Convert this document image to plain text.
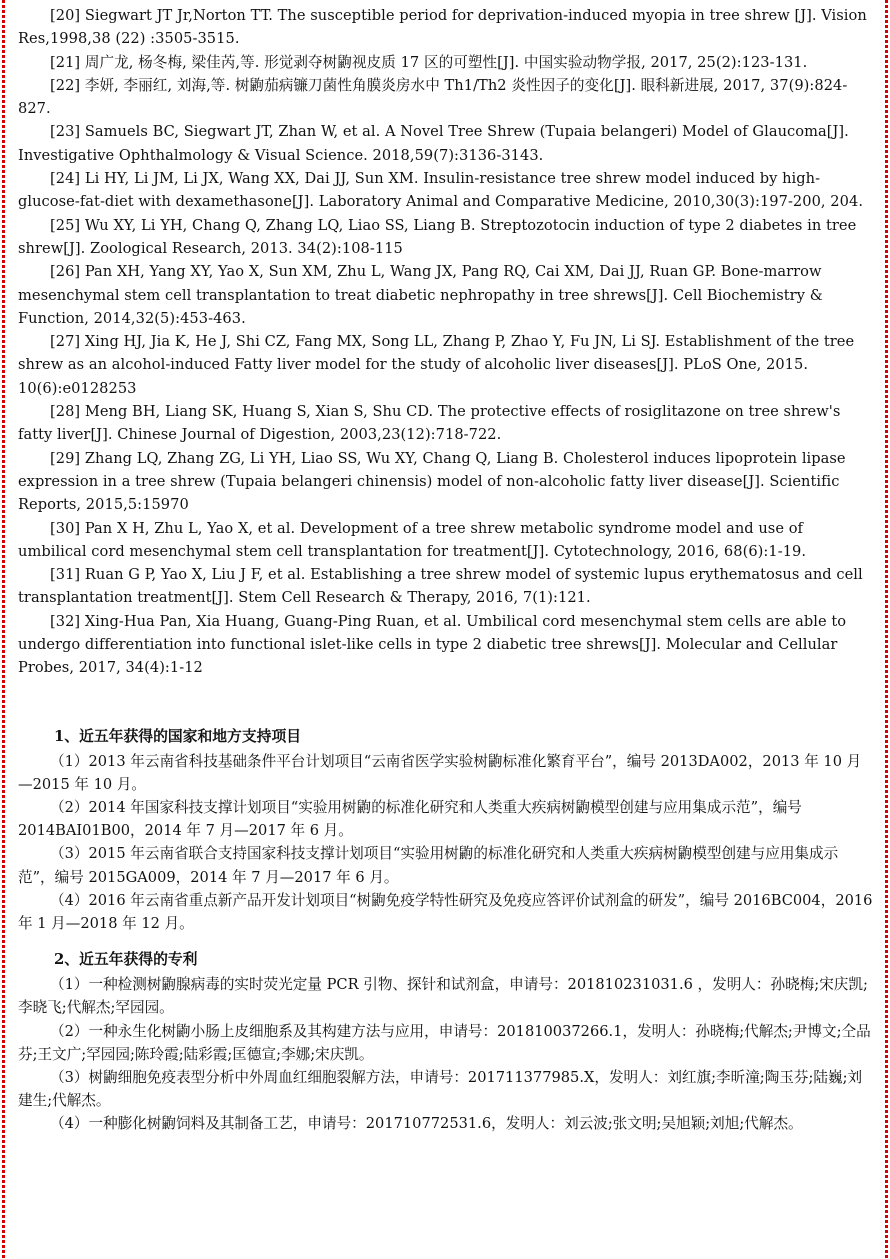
[20] Siegwart JT Jr,Norton TT. The susceptible period for deprivation-induced myopia in tree shrew [J]. Vision Res,1998,38 (22) :3505-3515.

[21] 周广龙, 杨冬梅, 梁佳芮,等. 形觉剥夺树鼩视皮质 17 区的可塑性[J]. 中国实验动物学报, 2017, 25(2):123-131.

[22] 李妍, 李丽红, 刘海,等. 树鼩茄病镰刀菌性角膜炎房水中 Th1/Th2 炎性因子的变化[J]. 眼科新进展, 2017, 37(9):824-827.

[23] Samuels BC, Siegwart JT, Zhan W, et al. A Novel Tree Shrew (Tupaia belangeri) Model of Glaucoma[J]. Investigative Ophthalmology & Visual Science. 2018,59(7):3136-3143.

[24] Li HY, Li JM, Li JX, Wang XX, Dai JJ, Sun XM. Insulin-resistance tree shrew model induced by high-glucose-fat-diet with dexamethasone[J]. Laboratory Animal and Comparative Medicine, 2010,30(3):197-200, 204.

[25] Wu XY, Li YH, Chang Q, Zhang LQ, Liao SS, Liang B. Streptozotocin induction of type 2 diabetes in tree shrew[J]. Zoological Research, 2013. 34(2):108-115

[26] Pan XH, Yang XY, Yao X, Sun XM, Zhu L, Wang JX, Pang RQ, Cai XM, Dai JJ, Ruan GP. Bone-marrow mesenchymal stem cell transplantation to treat diabetic nephropathy in tree shrews[J]. Cell Biochemistry & Function, 2014,32(5):453-463.

[27] Xing HJ, Jia K, He J, Shi CZ, Fang MX, Song LL, Zhang P, Zhao Y, Fu JN, Li SJ. Establishment of the tree shrew as an alcohol-induced Fatty liver model for the study of alcoholic liver diseases[J]. PLoS One, 2015. 10(6):e0128253

[28] Meng BH, Liang SK, Huang S, Xian S, Shu CD. The protective effects of rosiglitazone on tree shrew's fatty liver[J]. Chinese Journal of Digestion, 2003,23(12):718-722.

[29] Zhang LQ, Zhang ZG, Li YH, Liao SS, Wu XY, Chang Q, Liang B. Cholesterol induces lipoprotein lipase expression in a tree shrew (Tupaia belangeri chinensis) model of non-alcoholic fatty liver disease[J]. Scientific Reports, 2015,5:15970

[30] Pan X H, Zhu L, Yao X, et al. Development of a tree shrew metabolic syndrome model and use of umbilical cord mesenchymal stem cell transplantation for treatment[J]. Cytotechnology, 2016, 68(6):1-19.

[31] Ruan G P, Yao X, Liu J F, et al. Establishing a tree shrew model of systemic lupus erythematosus and cell transplantation treatment[J]. Stem Cell Research & Therapy, 2016, 7(1):121.

[32] Xing-Hua Pan, Xia Huang, Guang-Ping Ruan, et al. Umbilical cord mesenchymal stem cells are able to undergo differentiation into functional islet-like cells in type 2 diabetic tree shrews[J]. Molecular and Cellular Probes, 2017, 34(4):1-12

1、近五年获得的国家和地方支持项目

（1）2013 年云南省科技基础条件平台计划项目“云南省医学实验树鼩标准化繁育平台”，编号 2013DA002，2013 年 10 月—2015 年 10 月。

（2）2014 年国家科技支撑计划项目“实验用树鼩的标准化研究和人类重大疾病树鼩模型创建与应用集成示范”，编号 2014BAI01B00，2014 年 7 月—2017 年 6 月。

（3）2015 年云南省联合支持国家科技支撑计划项目“实验用树鼩的标准化研究和人类重大疾病树鼩模型创建与应用集成示范”，编号 2015GA009，2014 年 7 月—2017 年 6 月。

（4）2016 年云南省重点新产品开发计划项目“树鼩免疫学特性研究及免疫应答评价试剂盒的研发”，编号 2016BC004，2016 年 1 月—2018 年 12 月。

2、近五年获得的专利

（1）一种检测树鼩腺病毒的实时荧光定量 PCR 引物、探针和试剂盒，申请号：201810231031.6 ，发明人：孙晓梅;宋庆凯;李晓飞;代解杰;罕园园。

（2）一种永生化树鼩小肠上皮细胞系及其构建方法与应用，申请号：201810037266.1，发明人：孙晓梅;代解杰;尹博文;仝品芬;王文广;罕园园;陈玲霞;陆彩霞;匡德宣;李娜;宋庆凯。

（3）树鼩细胞免疫表型分析中外周血红细胞裂解方法，申请号：201711377985.X，发明人：刘红旗;李昕潼;陶玉芬;陆巍;刘建生;代解杰。

（4）一种膨化树鼩饲料及其制备工艺，申请号：201710772531.6，发明人：刘云波;张文明;吴旭颖;刘旭;代解杰。
